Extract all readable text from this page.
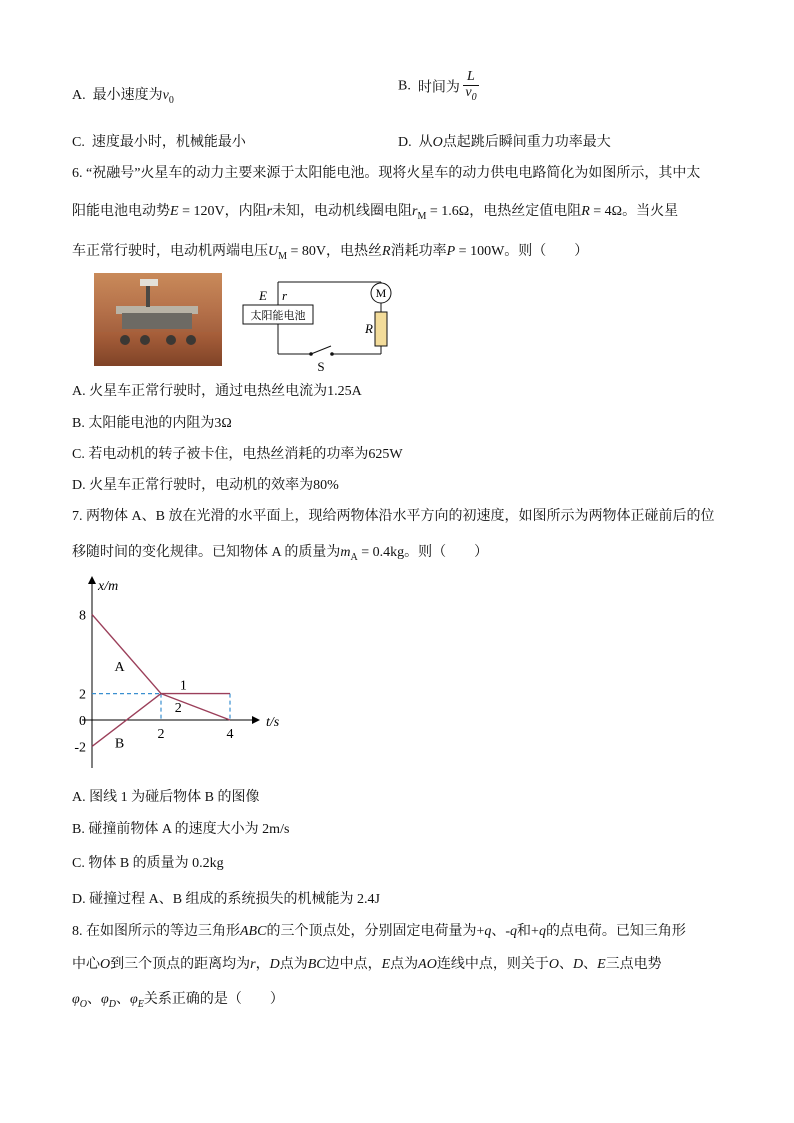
A. 最小速度为$v_0$
B. 时间为 $\frac{L}{v_0}$
C. 速度最小时，机械能最小	D. 从O点起跳后瞬间重力功率最大
6. “祝融号”火星车的动力主要来源于太阳能电池。现将火星车的动力供电电路简化为如图所示，其中太
阳能电池电动势E = 120V，内阻r未知，电动机线圈电阻$r_M = 1.6\Omega$，电热丝定值电阻R = 4Ω。当火星
车正常行驶时，电动机两端电压$U_M = 80V$，电热丝R消耗功率P = 100W。则（　　）
E r
太阳能电池
M
R
S
A. 火星车正常行驶时，通过电热丝电流为1.25A
B. 太阳能电池的内阻为3Ω
C. 若电动机的转子被卡住，电热丝消耗的功率为625W
D. 火星车正常行驶时，电动机的效率为80%
7. 两物体 A、B 放在光滑的水平面上，现给两物体沿水平方向的初速度，如图所示为两物体正碰前后的位
移随时间的变化规律。已知物体 A 的质量为$m_A = 0.4kg$。则（　　）
x/m
t/s
8
2
0
-2
2	4
A
B
1
2
A. 图线 1 为碰后物体 B 的图像
B. 碰撞前物体 A 的速度大小为 2m/s
C. 物体 B 的质量为 0.2kg
D. 碰撞过程 A、B 组成的系统损失的机械能为 2.4J
8. 在如图所示的等边三角形ABC的三个顶点处，分别固定电荷量为+q、-q和+q的点电荷。已知三角形
中心O到三个顶点的距离均为r，D点为BC边中点，E点为AO连线中点，则关于O、D、E三点电势
$\varphi_O$、$\varphi_D$、$\varphi_E$关系正确的是（　　）
